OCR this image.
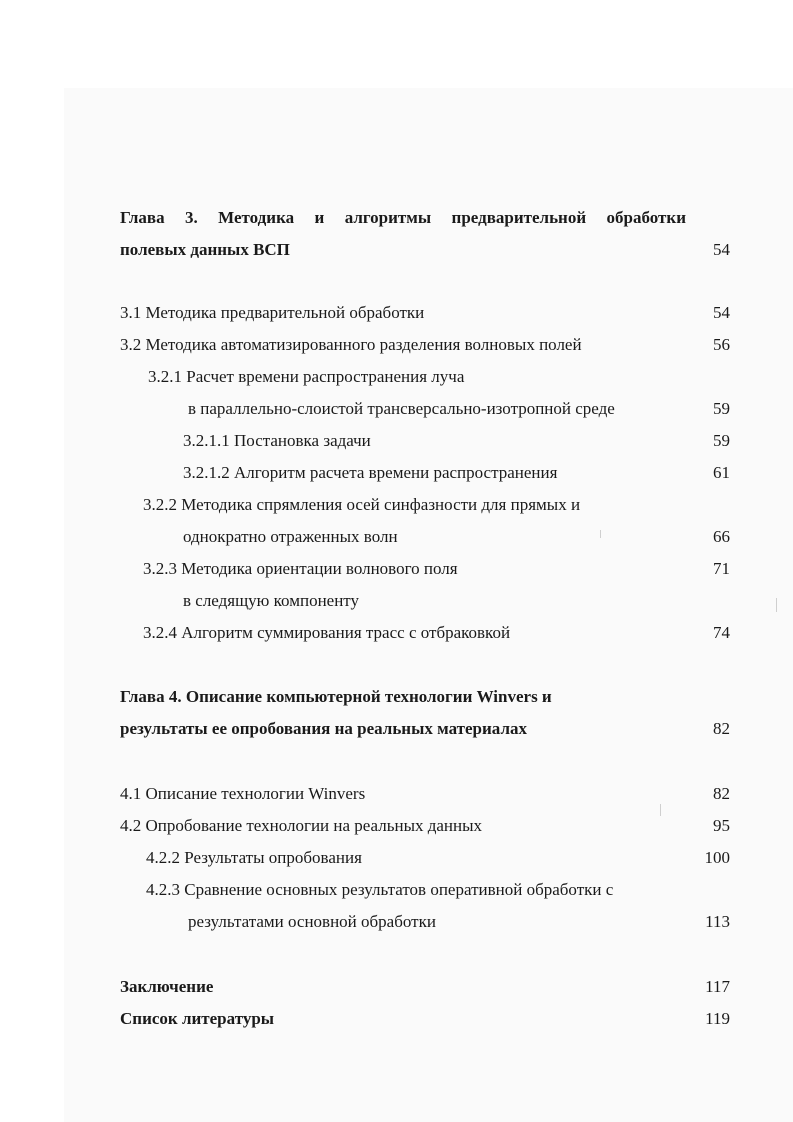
Глава 3. Методика и алгоритмы предварительной обработки
полевых данных ВСП	54
3.1 Методика предварительной обработки	54
3.2 Методика автоматизированного разделения волновых полей	56
3.2.1 Расчет времени распространения луча
в параллельно-слоистой трансверсально-изотропной среде	59
3.2.1.1 Постановка задачи	59
3.2.1.2 Алгоритм расчета времени распространения	61
3.2.2 Методика спрямления осей синфазности для прямых и
однократно отраженных волн	66
3.2.3 Методика ориентации волнового поля	71
в следящую компоненту
3.2.4 Алгоритм суммирования трасс с отбраковкой	74
Глава 4. Описание компьютерной технологии Winvers и
результаты ее опробования на реальных материалах	82
4.1 Описание технологии Winvers	82
4.2 Опробование технологии на реальных данных	95
4.2.2 Результаты опробования	100
4.2.3 Сравнение основных результатов оперативной обработки с
результатами основной обработки	113
Заключение	117
Список литературы	119
